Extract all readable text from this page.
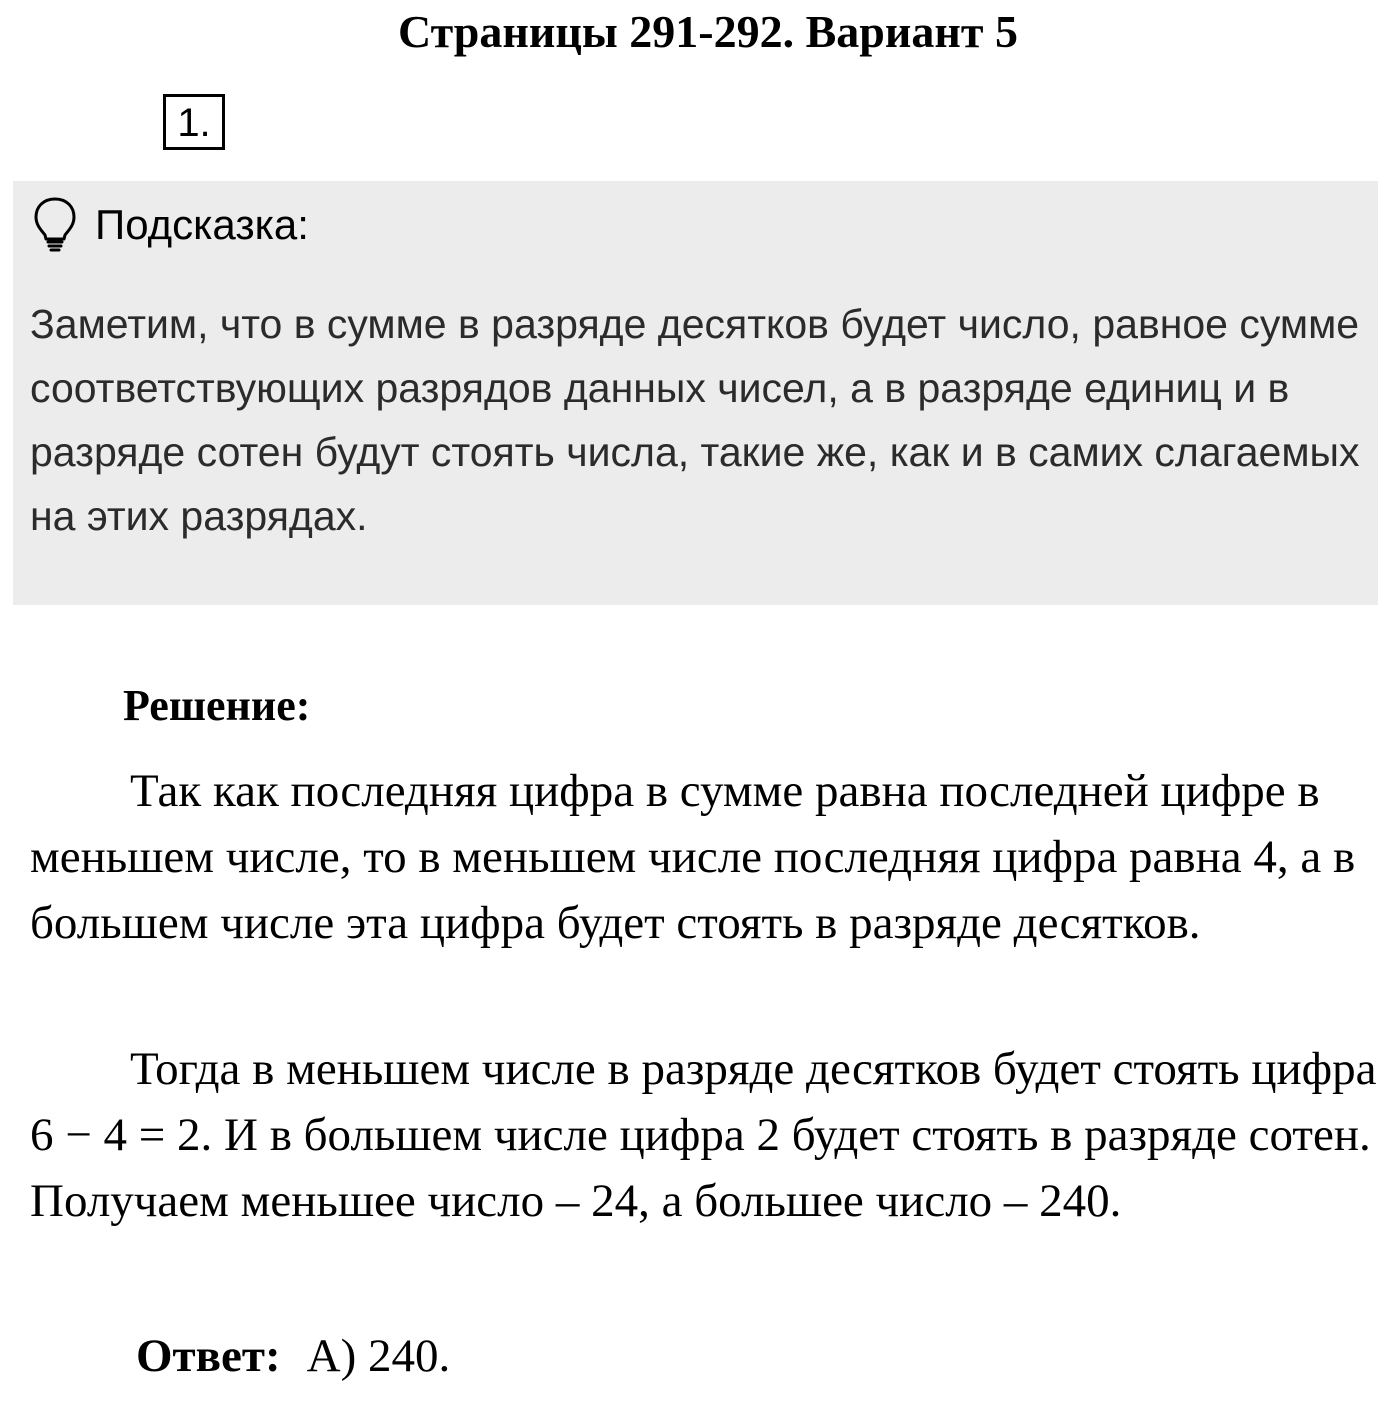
Страницы 291-292. Вариант 5
1.
Подсказка:

Заметим, что в сумме в разряде десятков будет число, равное сумме соответствующих разрядов данных чисел, а в разряде единиц и в разряде сотен будут стоять числа, такие же, как и в самих слагаемых на этих разрядах.

Решение:

Так как последняя цифра в сумме равна последней цифре в меньшем числе, то в меньшем числе последняя цифра равна 4, а в большем числе эта цифра будет стоять в разряде десятков.

Тогда в меньшем числе в разряде десятков будет стоять цифра 6 − 4 = 2. И в большем числе цифра 2 будет стоять в разряде сотен. Получаем меньшее число – 24, а большее число – 240.

Ответ: А) 240.
